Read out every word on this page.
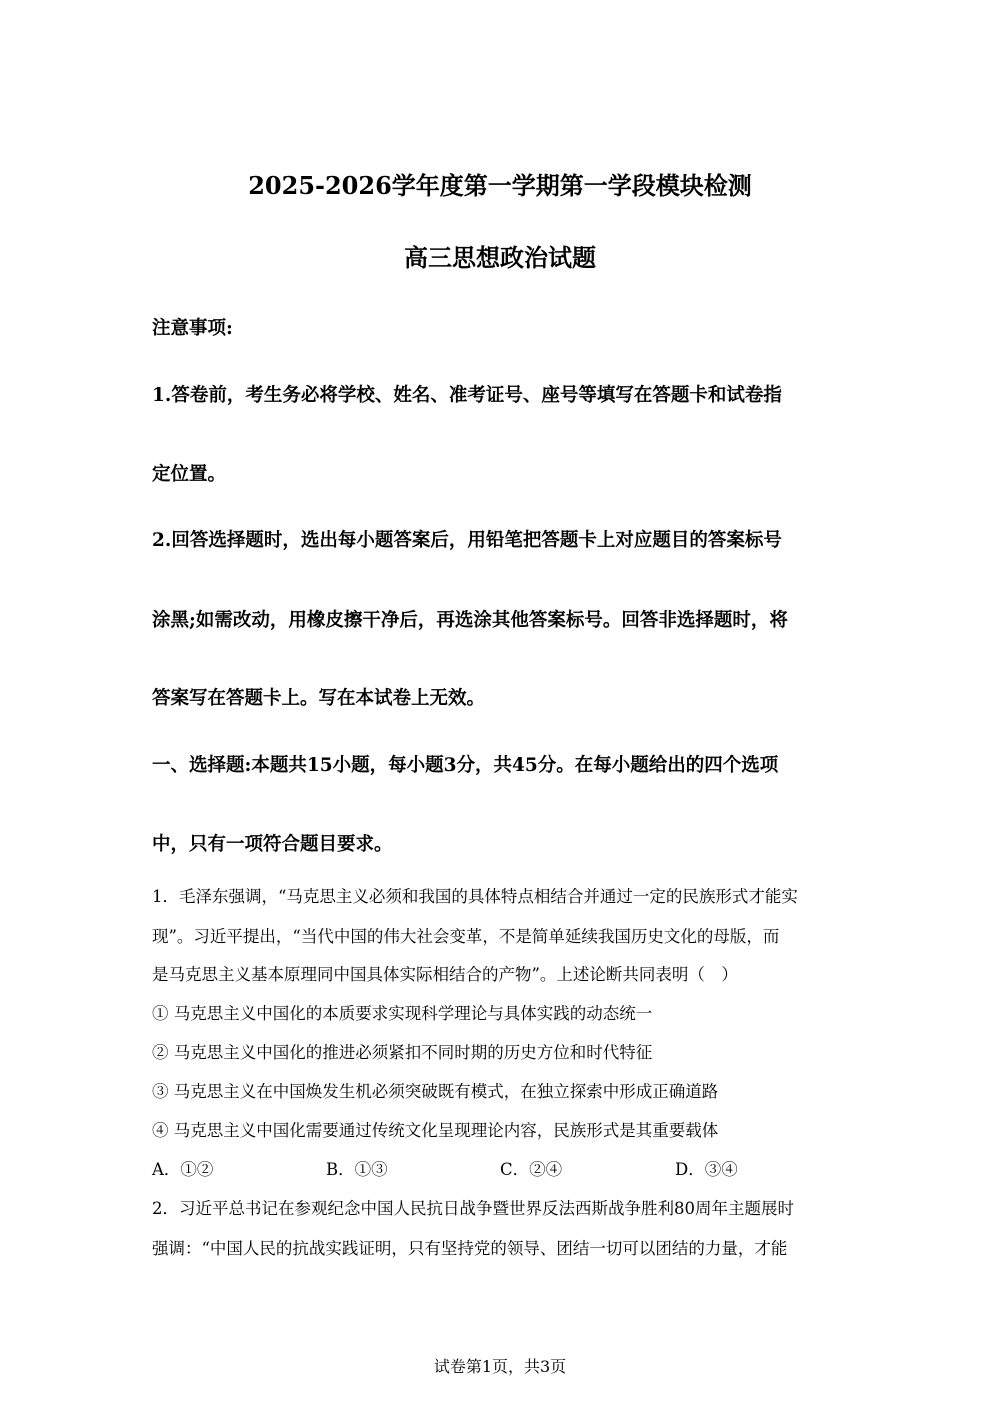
2025-2026学年度第一学期第一学段模块检测
高三思想政治试题
注意事项:
1.答卷前，考生务必将学校、姓名、准考证号、座号等填写在答题卡和试卷指
定位置。
2.回答选择题时，选出每小题答案后，用铅笔把答题卡上对应题目的答案标号
涂黑;如需改动，用橡皮擦干净后，再选涂其他答案标号。回答非选择题时，将
答案写在答题卡上。写在本试卷上无效。
一、选择题:本题共15小题，每小题3分，共45分。在每小题给出的四个选项
中，只有一项符合题目要求。
1．毛泽东强调，“马克思主义必须和我国的具体特点相结合并通过一定的民族形式才能实
现”。习近平提出，“当代中国的伟大社会变革，不是简单延续我国历史文化的母版，而
是马克思主义基本原理同中国具体实际相结合的产物”。上述论断共同表明（　）
① 马克思主义中国化的本质要求实现科学理论与具体实践的动态统一
② 马克思主义中国化的推进必须紧扣不同时期的历史方位和时代特征
③ 马克思主义在中国焕发生机必须突破既有模式，在独立探索中形成正确道路
④ 马克思主义中国化需要通过传统文化呈现理论内容，民族形式是其重要载体
A．①②	B．①③	C．②④	D．③④
2．习近平总书记在参观纪念中国人民抗日战争暨世界反法西斯战争胜利80周年主题展时
强调：“中国人民的抗战实践证明，只有坚持党的领导、团结一切可以团结的力量，才能
试卷第1页，共3页
